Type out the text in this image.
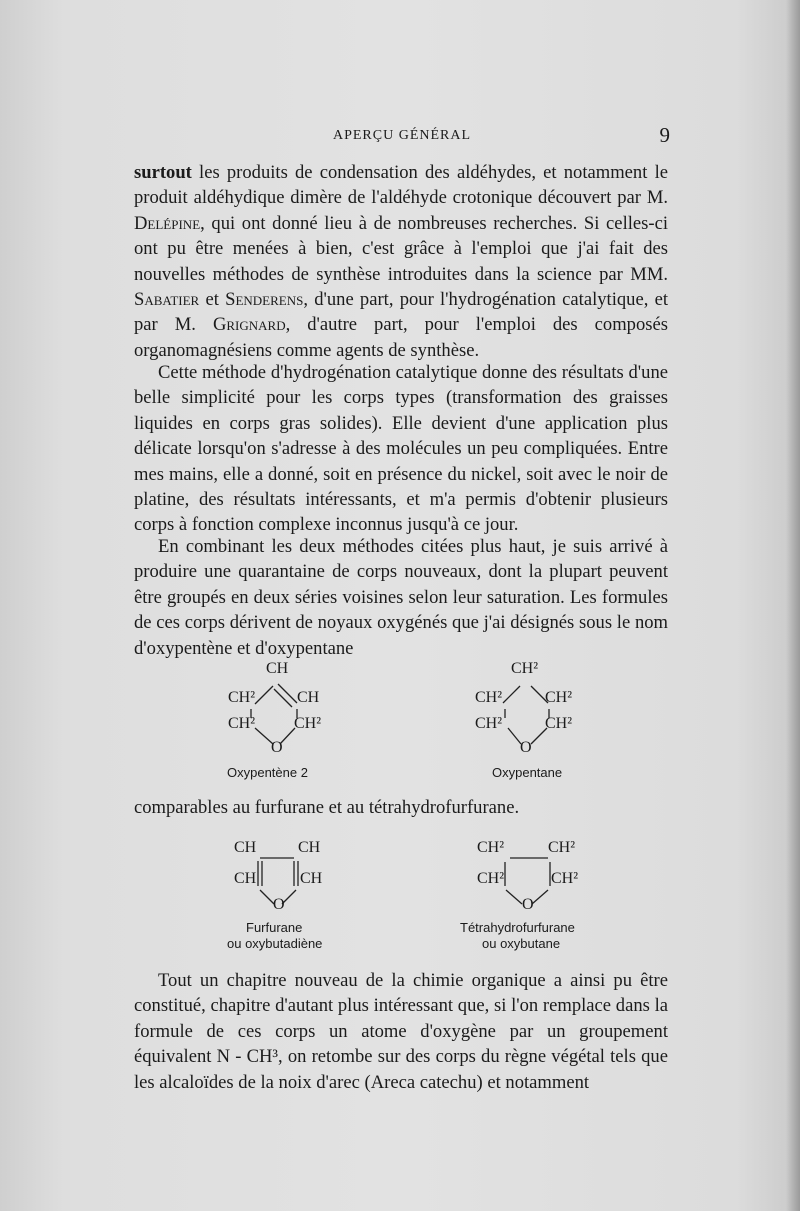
APERÇU GÉNÉRAL	9

surtout les produits de condensation des aldéhydes, et notamment le produit aldéhydique dimère de l'aldéhyde crotonique découvert par M. Delépine, qui ont donné lieu à de nombreuses recherches. Si celles-ci ont pu être menées à bien, c'est grâce à l'emploi que j'ai fait des nouvelles méthodes de synthèse introduites dans la science par MM. Sabatier et Senderens, d'une part, pour l'hydrogénation catalytique, et par M. Grignard, d'autre part, pour l'emploi des composés organomagnésiens comme agents de synthèse.

Cette méthode d'hydrogénation catalytique donne des résultats d'une belle simplicité pour les corps types (transformation des graisses liquides en corps gras solides). Elle devient d'une application plus délicate lorsqu'on s'adresse à des molécules un peu compliquées. Entre mes mains, elle a donné, soit en présence du nickel, soit avec le noir de platine, des résultats intéressants, et m'a permis d'obtenir plusieurs corps à fonction complexe inconnus jusqu'à ce jour.

En combinant les deux méthodes citées plus haut, je suis arrivé à produire une quarantaine de corps nouveaux, dont la plupart peuvent être groupés en deux séries voisines selon leur saturation. Les formules de ces corps dérivent de noyaux oxygénés que j'ai désignés sous le nom d'oxypentène et d'oxypentane

CH
CH²	CH
CH² CH²
O
Oxypentène 2
CH²
CH²	CH²
CH²	CH²
O
Oxypentane

comparables au furfurane et au tétrahydrofurfurane.

CH	CH
CH	CH
O
Furfurane
ou oxybutadiène
CH²	CH²
CH²	CH²
O
Tétrahydrofurfurane
ou oxybutane

Tout un chapitre nouveau de la chimie organique a ainsi pu être constitué, chapitre d'autant plus intéressant que, si l'on remplace dans la formule de ces corps un atome d'oxygène par un groupement équivalent N - CH³, on retombe sur des corps du règne végétal tels que les alcaloïdes de la noix d'arec (Areca catechu) et notamment
